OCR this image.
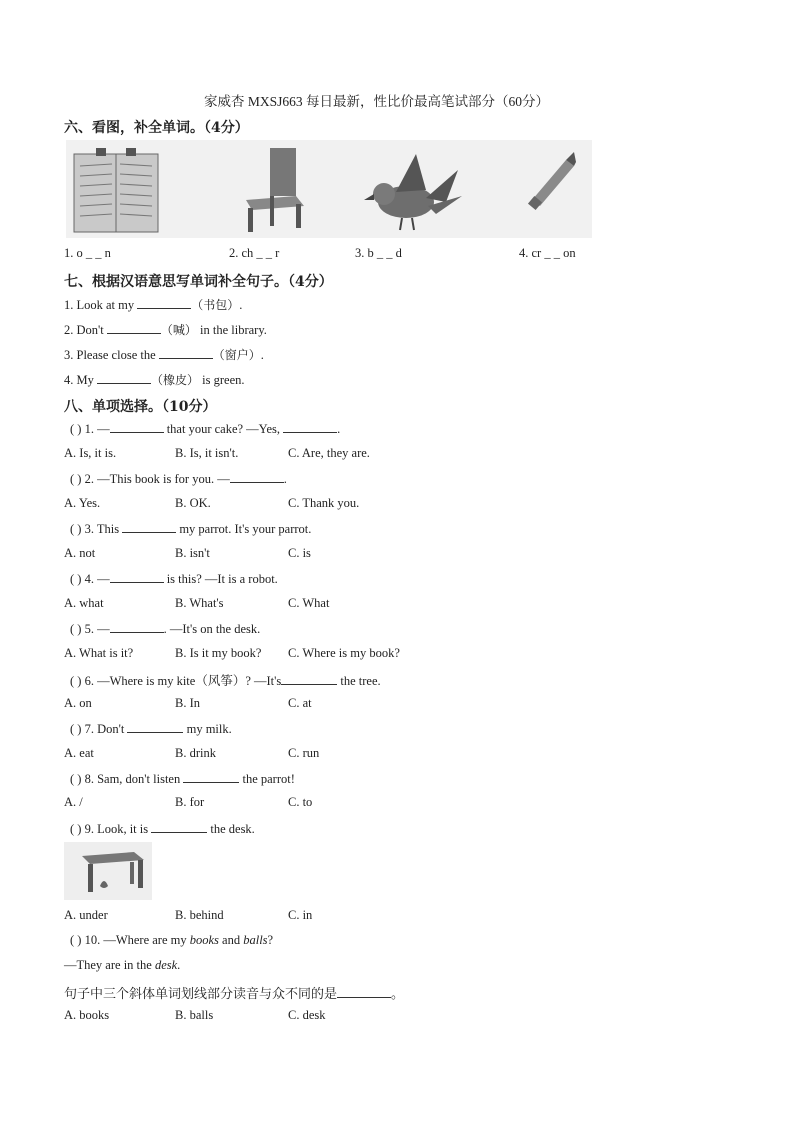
家威杏 MXSJ663 每日最新，性比价最高笔试部分（60分）
六、看图，补全单词。（4分）
1. o _ _ n	2. ch _ _ r	3. b _ _ d	4. cr _ _ on
七、根据汉语意思写单词补全句子。（4分）
1. Look at my	（书包）.
2. Don't	（喊） in the library.
3. Please close the	（窗户）.
4. My	（橡皮） is green.
八、单项选择。（10分）
( ) 1. —	that your cake? —Yes,	.
A. Is, it is.	B. Is, it isn't.	C. Are, they are.
( ) 2. —This book is for you. —	.
A. Yes.	B. OK.	C. Thank you.
( ) 3. This	my parrot. It's your parrot.
A. not	B. isn't	C. is
( ) 4. —	is this? —It is a robot.
A. what	B. What's	C. What
( ) 5. —	. —It's on the desk.
A. What is it?	B. Is it my book? C. Where is my book?
( ) 6. —Where is my kite（风筝）? —It's	the tree.
A. on	B. In	C. at
( ) 7. Don't	my milk.
A. eat	B. drink	C. run
( ) 8. Sam, don't listen	the parrot!
A. /	B. for	C. to
( ) 9. Look, it is	the desk.
A. under	B. behind	C. in
( ) 10. —Where are my books and balls?
—They are in the desk.
句子中三个斜体单词划线部分读音与众不同的是	。
A. books	B. balls	C. desk
